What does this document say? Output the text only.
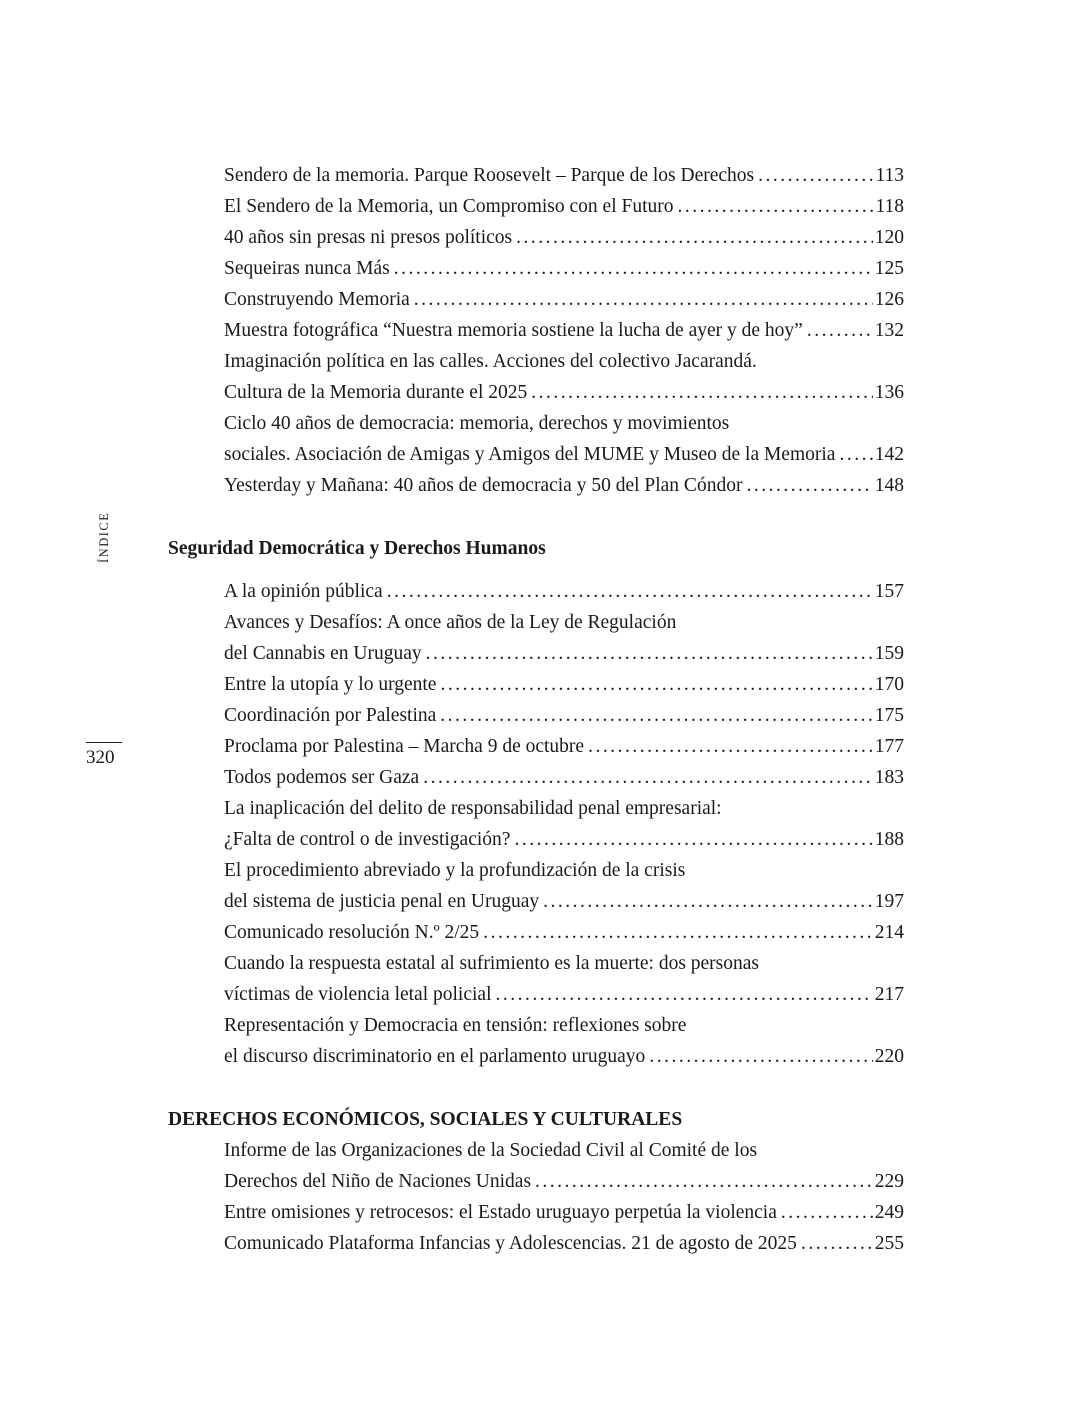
ÍNDICE
320
Sendero de la memoria. Parque Roosevelt – Parque de los Derechos .....	113
El Sendero de la Memoria, un Compromiso con el Futuro .....	118
40 años sin presas ni presos políticos .....	120
Sequeiras nunca Más .....	125
Construyendo Memoria .....	126
Muestra fotográfica “Nuestra memoria sostiene la lucha de ayer y de hoy” .....	132
Imaginación política en las calles. Acciones del colectivo Jacarandá.
Cultura de la Memoria durante el 2025 .....	136
Ciclo 40 años de democracia: memoria, derechos y movimientos
sociales. Asociación de Amigas y Amigos del MUME y Museo de la Memoria ..... 142
Yesterday y Mañana: 40 años de democracia y 50 del Plan Cóndor .....	148
Seguridad Democrática y Derechos Humanos
A la opinión pública .....	157
Avances y Desafíos: A once años de la Ley de Regulación
del Cannabis en Uruguay .....	159
Entre la utopía y lo urgente .....	170
Coordinación por Palestina .....	175
Proclama por Palestina – Marcha 9 de octubre .....	177
Todos podemos ser Gaza .....	183
La inaplicación del delito de responsabilidad penal empresarial:
¿Falta de control o de investigación? .....	188
El procedimiento abreviado y la profundización de la crisis
del sistema de justicia penal en Uruguay .....	197
Comunicado resolución N.º 2/25 .....	214
Cuando la respuesta estatal al sufrimiento es la muerte: dos personas
víctimas de violencia letal policial .....	217
Representación y Democracia en tensión: reflexiones sobre
el discurso discriminatorio en el parlamento uruguayo .....	220
DERECHOS ECONÓMICOS, SOCIALES Y CULTURALES
Informe de las Organizaciones de la Sociedad Civil al Comité de los
Derechos del Niño de Naciones Unidas .....	229
Entre omisiones y retrocesos: el Estado uruguayo perpetúa la violencia .....	249
Comunicado Plataforma Infancias y Adolescencias. 21 de agosto de 2025 .....	255
